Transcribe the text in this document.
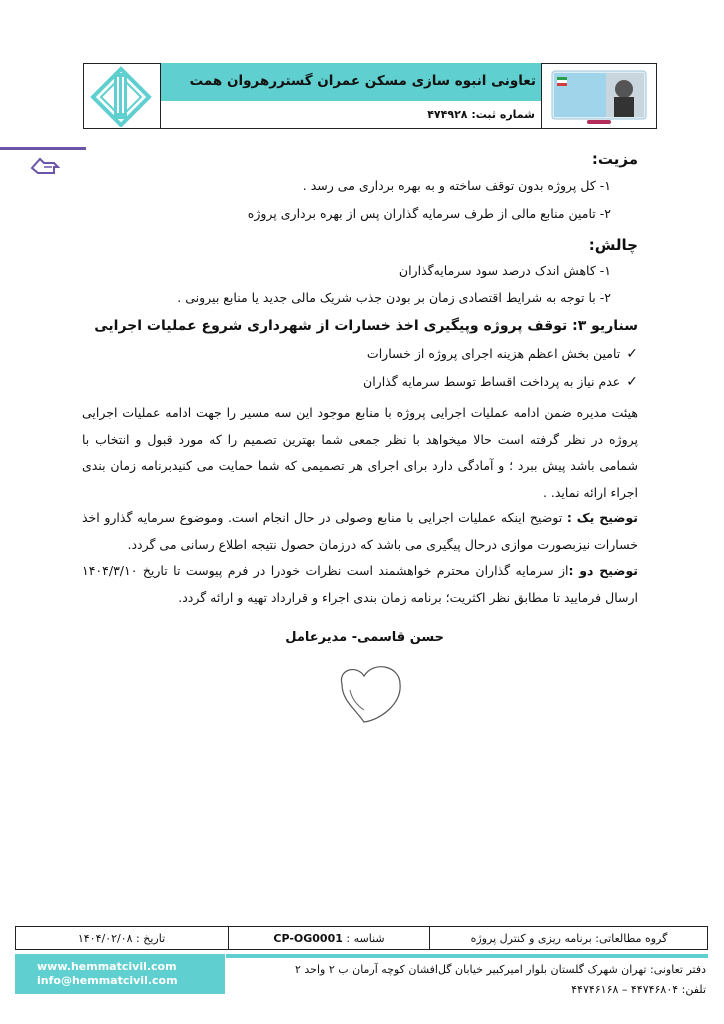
تعاونی انبوه سازی مسکن عمران گستررهروان همت
شماره ثبت: ۴۷۴۹۲۸
مزیت:
۱- کل پروژه بدون توقف ساخته و به بهره برداری می رسد .
۲- تامین منابع مالی از طرف سرمایه گذاران پس از بهره برداری پروژه
چالش:
۱- کاهش اندک درصد سود سرمایه‌گذاران
۲- با توجه به شرایط اقتصادی زمان بر بودن جذب شریک مالی جدید یا منابع بیرونی .
سناریو ۳: توقف پروژه وپیگیری اخذ خسارات از شهرداری شروع عملیات اجرایی
✓تامین بخش اعظم هزینه اجرای پروژه از خسارات
✓عدم نیاز به پرداخت اقساط توسط سرمایه گذاران
هیئت مدیره ضمن ادامه عملیات اجرایی پروژه با منابع موجود این سه مسیر را جهت ادامه عملیات اجرایی پروژه در نظر گرفته است حالا میخواهد با نظر جمعی شما بهترین تصمیم را که مورد قبول و انتخاب با شمامی باشد پیش ببرد ؛ و آمادگی دارد برای اجرای هر تصمیمی که شما حمایت می کنیدبرنامه زمان بندی اجراء ارائه نماید. .
توضیح یک : توضیح اینکه عملیات اجرایی با منابع وصولی در حال انجام است. وموضوع سرمایه گذارو اخذ خسارات نیزبصورت موازی درحال پیگیری می باشد که درزمان حصول نتیجه اطلاع رسانی می گردد.
توضیح دو :از سرمایه گذاران محترم خواهشمند است نظرات خودرا در فرم پیوست تا تاریخ ۱۴۰۴/۳/۱۰ ارسال فرمایید تا مطابق نظر اکثریت؛ برنامه زمان بندی اجراء و قرارداد تهیه و ارائه گردد.
حسن قاسمی- مدیرعامل
گروه مطالعاتی: برنامه ریزی و کنترل پروژه
شناسه :

CP-OG0001
تاریخ : ۱۴۰۴/۰۲/۰۸
www.hemmatcivil.com
info@hemmatcivil.com
دفتر تعاونی: تهران شهرک گلستان بلوار امیرکبیر خیابان گل‌افشان کوچه آرمان ب ۲ واحد ۲
تلفن: ۴۴۷۴۶۸۰۴ – ۴۴۷۴۶۱۶۸
